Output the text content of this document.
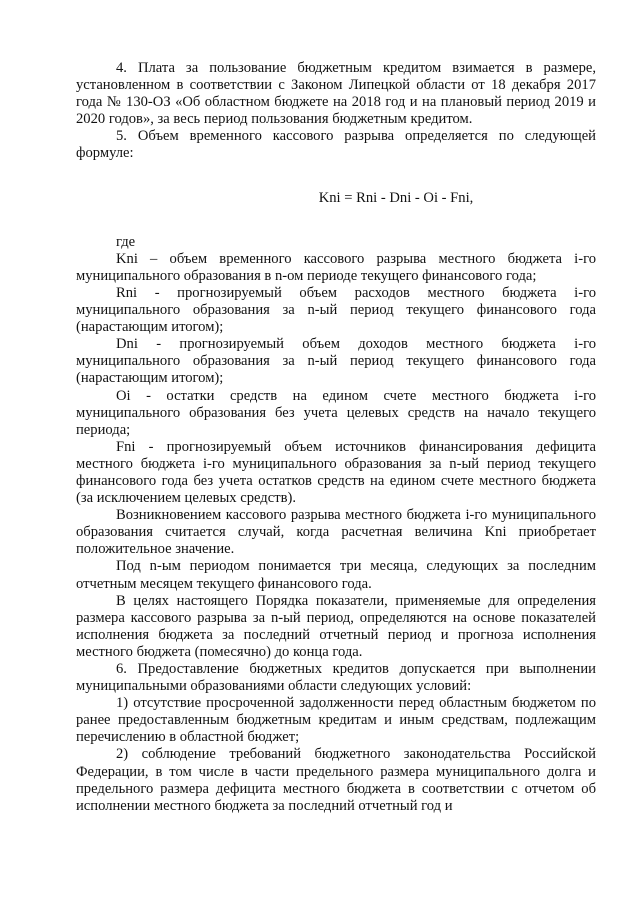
4. Плата за пользование бюджетным кредитом взимается в размере, установленном в соответствии с Законом Липецкой области от 18 декабря 2017 года № 130-ОЗ «Об областном бюджете на 2018 год и на плановый период 2019 и 2020 годов», за весь период пользования бюджетным кредитом.

5. Объем временного кассового разрыва определяется по следующей формуле:

Kni = Rni - Dni - Oi - Fni,

где

Kni – объем временного кассового разрыва местного бюджета i-го муниципального образования в n-ом периоде текущего финансового года;

Rni - прогнозируемый объем расходов местного бюджета i-го муниципального образования за n-ый период текущего финансового года (нарастающим итогом);

Dni - прогнозируемый объем доходов местного бюджета i-го муниципального образования за n-ый период текущего финансового года (нарастающим итогом);

Oi - остатки средств на едином счете местного бюджета i-го муниципального образования без учета целевых средств на начало текущего периода;

Fni - прогнозируемый объем источников финансирования дефицита местного бюджета i-го муниципального образования за n-ый период текущего финансового года без учета остатков средств на едином счете местного бюджета (за исключением целевых средств).

Возникновением кассового разрыва местного бюджета i-го муниципального образования считается случай, когда расчетная величина Kni приобретает положительное значение.

Под n-ым периодом понимается три месяца, следующих за последним отчетным месяцем текущего финансового года.

В целях настоящего Порядка показатели, применяемые для определения размера кассового разрыва за n-ый период, определяются на основе показателей исполнения бюджета за последний отчетный период и прогноза исполнения местного бюджета (помесячно) до конца года.

6. Предоставление бюджетных кредитов допускается при выполнении муниципальными образованиями области следующих условий:

1) отсутствие просроченной задолженности перед областным бюджетом по ранее предоставленным бюджетным кредитам и иным средствам, подлежащим перечислению в областной бюджет;

2) соблюдение требований бюджетного законодательства Российской Федерации, в том числе в части предельного размера муниципального долга и предельного размера дефицита местного бюджета в соответствии с отчетом об исполнении местного бюджета за последний отчетный год и
